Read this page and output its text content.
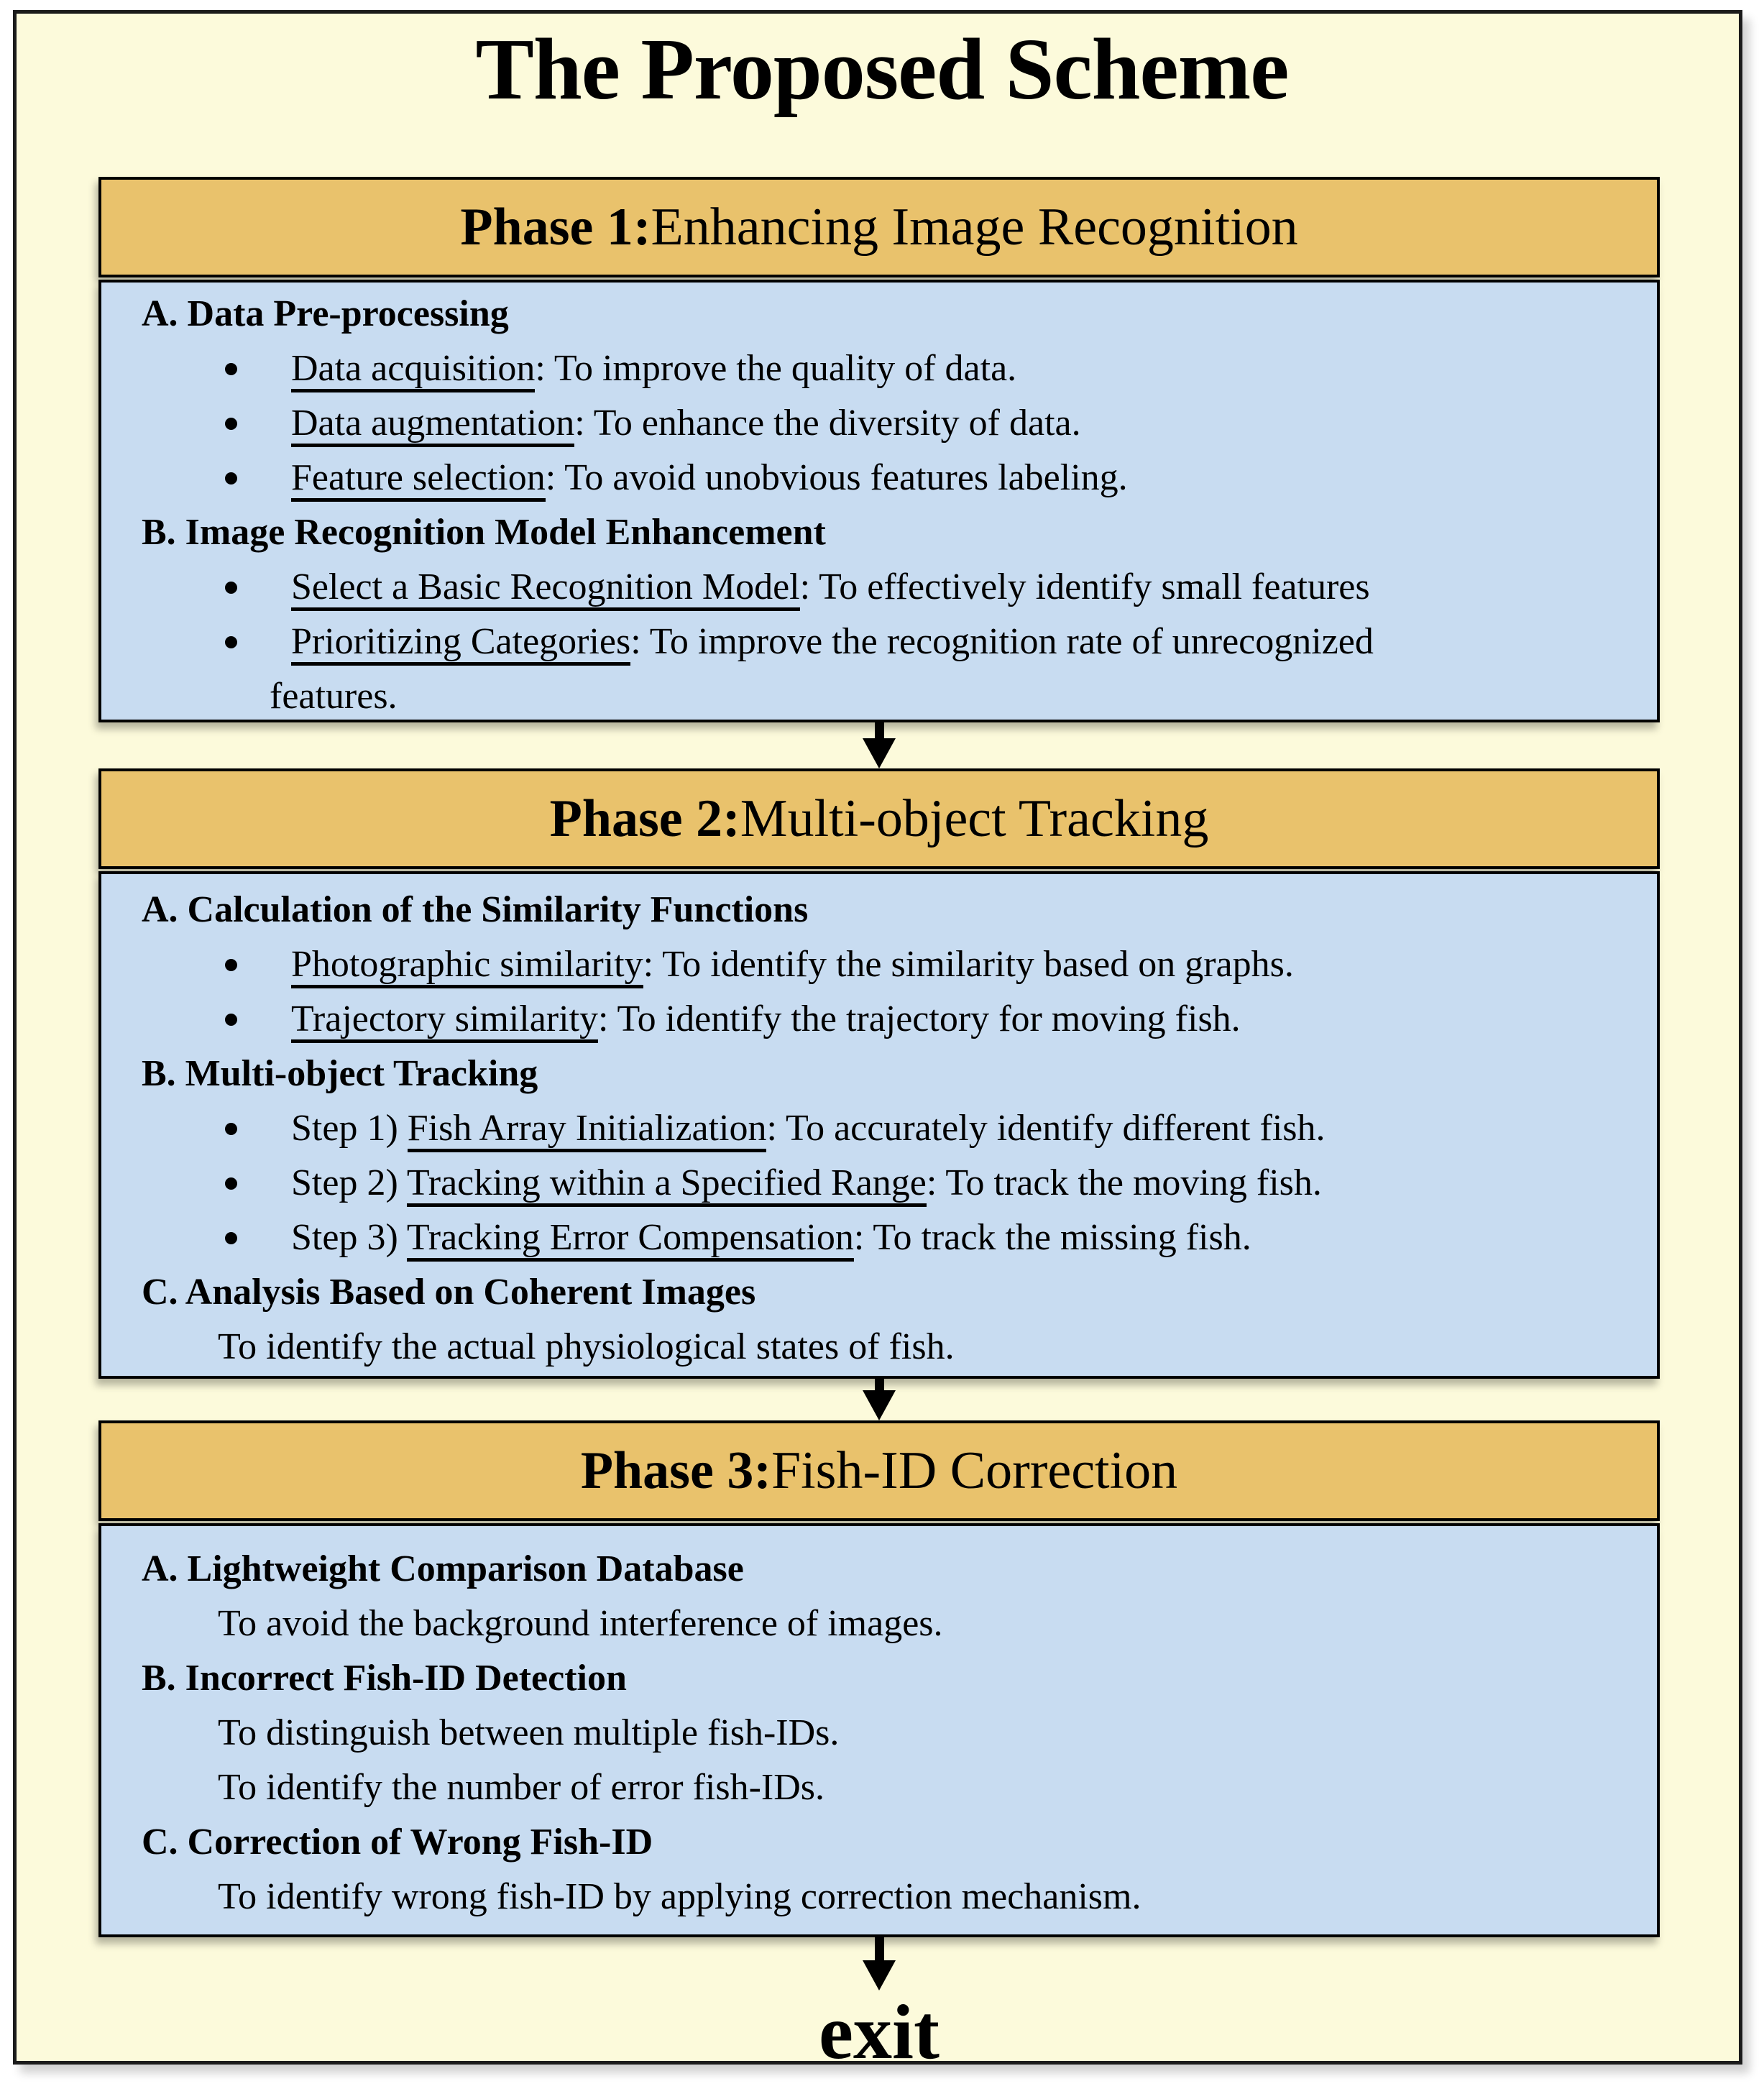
The Proposed Scheme
Phase 1: Enhancing Image Recognition
A. Data Pre-processing
Data acquisition: To improve the quality of data.
Data augmentation: To enhance the diversity of data.
Feature selection: To avoid unobvious features labeling.
B. Image Recognition Model Enhancement
Select a Basic Recognition Model: To effectively identify small features
Prioritizing Categories: To improve the recognition rate of unrecognized
features.
Phase 2: Multi-object Tracking
A. Calculation of the Similarity Functions
Photographic similarity: To identify the similarity based on graphs.
Trajectory similarity: To identify the trajectory for moving fish.
B. Multi-object Tracking
Step 1) Fish Array Initialization: To accurately identify different fish.
Step 2) Tracking within a Specified Range: To track the moving fish.
Step 3) Tracking Error Compensation: To track the missing fish.
C. Analysis Based on Coherent Images
To identify the actual physiological states of fish.
Phase 3: Fish-ID Correction
A. Lightweight Comparison Database
To avoid the background interference of images.
B. Incorrect Fish-ID Detection
To distinguish between multiple fish-IDs.
To identify the number of error fish-IDs.
C. Correction of Wrong Fish-ID
To identify wrong fish-ID by applying correction mechanism.
exit
